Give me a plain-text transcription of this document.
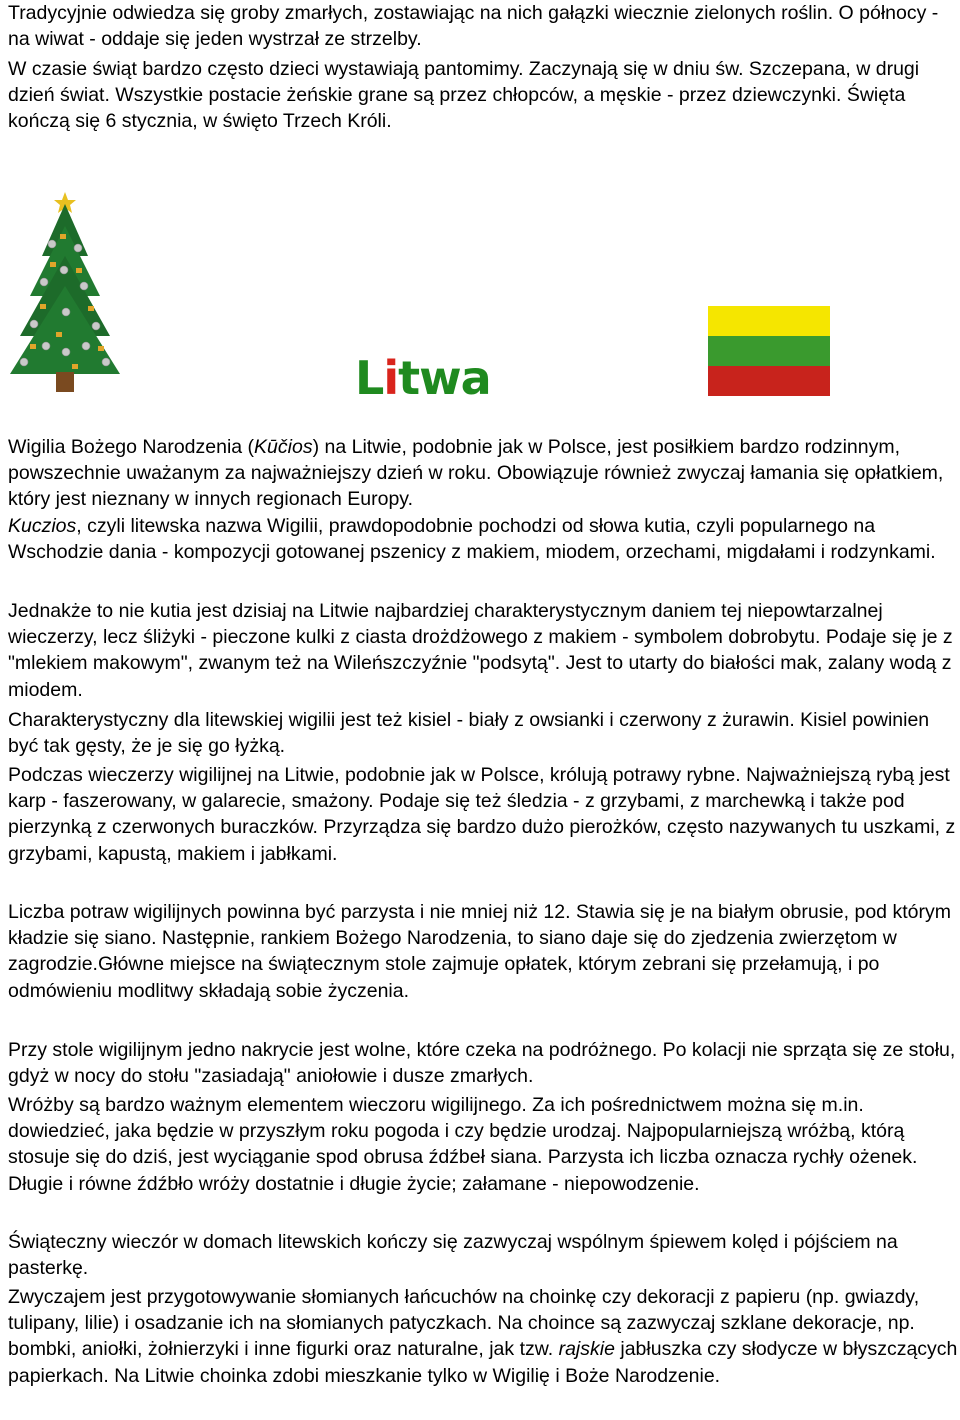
Tradycyjnie odwiedza się groby zmarłych, zostawiając na nich gałązki wiecznie zielonych roślin. O północy - na wiwat - oddaje się jeden wystrzał ze strzelby.

W czasie świąt bardzo często dzieci wystawiają pantomimy. Zaczynają się w dniu św. Szczepana, w drugi dzień świat. Wszystkie postacie żeńskie grane są przez chłopców, a męskie - przez dziewczynki. Święta kończą się 6 stycznia, w święto Trzech Króli.

Litwa

Wigilia Bożego Narodzenia (Kūčios) na Litwie, podobnie jak w Polsce, jest posiłkiem bardzo rodzinnym, powszechnie uważanym za najważniejszy dzień w roku. Obowiązuje również zwyczaj łamania się opłatkiem, który jest nieznany w innych regionach Europy.

Kuczios, czyli litewska nazwa Wigilii, prawdopodobnie pochodzi od słowa kutia, czyli popularnego na Wschodzie dania - kompozycji gotowanej pszenicy z makiem, miodem, orzechami, migdałami i rodzynkami.

Jednakże to nie kutia jest dzisiaj na Litwie najbardziej charakterystycznym daniem tej niepowtarzalnej wieczerzy, lecz śliżyki - pieczone kulki z ciasta drożdżowego z makiem - symbolem dobrobytu. Podaje się je z "mlekiem makowym", zwanym też na Wileńszczyźnie "podsytą". Jest to utarty do białości mak, zalany wodą z miodem.

Charakterystyczny dla litewskiej wigilii jest też kisiel - biały z owsianki i czerwony z żurawin. Kisiel powinien być tak gęsty, że je się go łyżką.

Podczas wieczerzy wigilijnej na Litwie, podobnie jak w Polsce, królują potrawy rybne. Najważniejszą rybą jest karp - faszerowany, w galarecie, smażony. Podaje się też śledzia - z grzybami, z marchewką i także pod pierzynką z czerwonych buraczków. Przyrządza się bardzo dużo pierożków, często nazywanych tu uszkami, z grzybami, kapustą, makiem i jabłkami.

Liczba potraw wigilijnych powinna być parzysta i nie mniej niż 12. Stawia się je na białym obrusie, pod którym kładzie się siano. Następnie, rankiem Bożego Narodzenia, to siano daje się do zjedzenia zwierzętom w zagrodzie.Główne miejsce na świątecznym stole zajmuje opłatek, którym zebrani się przełamują, i po odmówieniu modlitwy składają sobie życzenia.

Przy stole wigilijnym jedno nakrycie jest wolne, które czeka na podróżnego. Po kolacji nie sprząta się ze stołu, gdyż w nocy do stołu "zasiadają" aniołowie i dusze zmarłych.

Wróżby są bardzo ważnym elementem wieczoru wigilijnego. Za ich pośrednictwem można się m.in. dowiedzieć, jaka będzie w przyszłym roku pogoda i czy będzie urodzaj. Najpopularniejszą wróżbą, którą stosuje się do dziś, jest wyciąganie spod obrusa źdźbeł siana. Parzysta ich liczba oznacza rychły ożenek. Długie i równe źdźbło wróży dostatnie i długie życie; załamane - niepowodzenie.

Świąteczny wieczór w domach litewskich kończy się zazwyczaj wspólnym śpiewem kolęd i pójściem na pasterkę.

Zwyczajem jest przygotowywanie słomianych łańcuchów na choinkę czy dekoracji z papieru (np. gwiazdy, tulipany, lilie) i osadzanie ich na słomianych patyczkach. Na choince są zazwyczaj szklane dekoracje, np. bombki, aniołki, żołnierzyki i inne figurki oraz naturalne, jak tzw. rajskie jabłuszka czy słodycze w błyszczących papierkach. Na Litwie choinka zdobi mieszkanie tylko w Wigilię i Boże Narodzenie.
